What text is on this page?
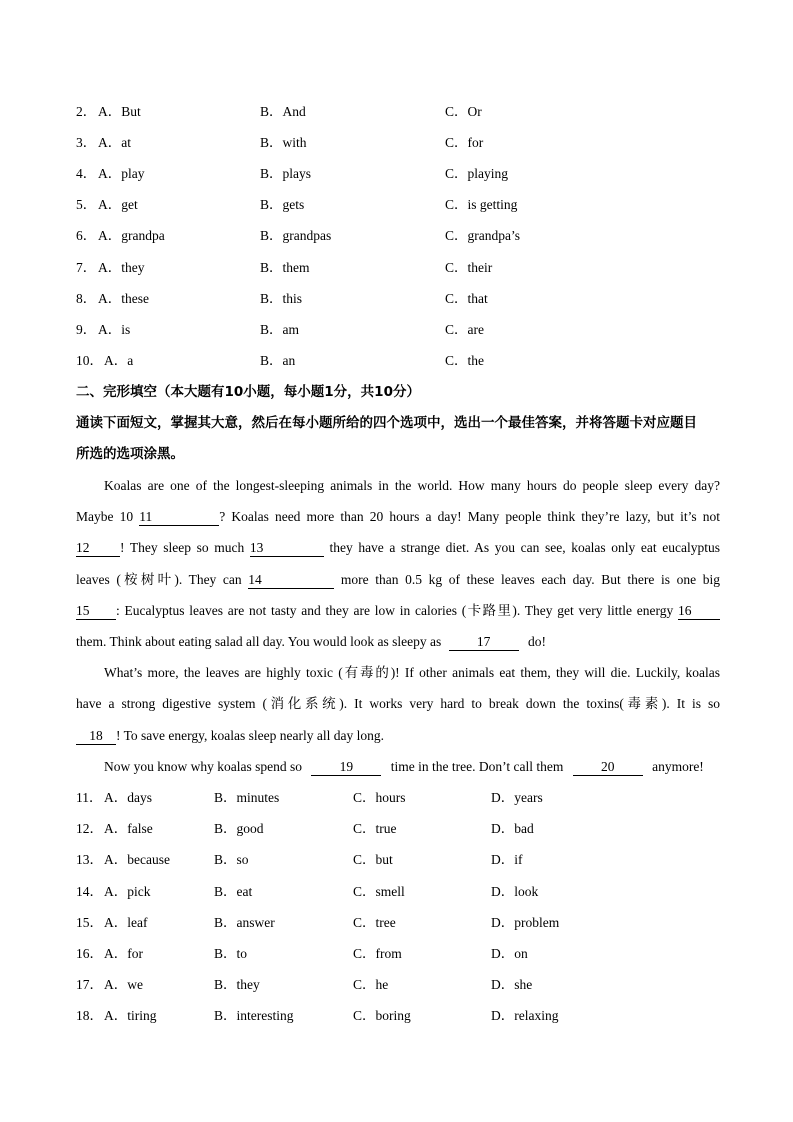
2． A．But	B．And	C．Or
3． A．at	B．with	C．for
4． A．play	B．plays	C．playing
5． A．get	B．gets	C．is getting
6． A．grandpa	B．grandpas	C．grandpa’s
7． A．they	B．them	C．their
8． A．these	B．this	C．that
9． A．is	B．am	C．are
10． A．a	B．an	C．the
二、完形填空（本大题有10小题，每小题1分，共10分）
通读下面短文，掌握其大意，然后在每小题所给的四个选项中，选出一个最佳答案，并将答题卡对应题目
所选的选项涂黑。
Koalas are one of the longest-sleeping animals in the world. How many hours do people sleep every day?
Maybe 10 11	? Koalas need more than 20 hours a day! Many people think they’re lazy, but it’s not
12 ! They sleep so much 13	they have a strange diet. As you can see, koalas only eat eucalyptus
leaves (桉树叶). They can 14	more than 0.5 kg of these leaves each day. But there is one big
15 : Eucalyptus leaves are not tasty and they are low in calories (卡路里). They get very little energy 16
them. Think about eating salad all day. You would look as sleepy as	17	do!
What’s more, the leaves are highly toxic (有毒的)! If other animals eat them, they will die. Luckily, koalas
have a strong digestive system (消化系统). It works very hard to break down the toxins(毒素). It is so
18 ! To save energy, koalas sleep nearly all day long.
Now you know why koalas spend so	19	time in the tree. Don’t call them	20	anymore!
11． A．days	B．minutes	C．hours	D．years
12． A．false	B．good	C．true	D．bad
13． A．because	B．so	C．but	D．if
14． A．pick	B．eat	C．smell	D．look
15． A．leaf	B．answer	C．tree	D．problem
16． A．for	B．to	C．from	D．on
17． A．we	B．they	C．he	D．she
18． A．tiring	B．interesting	C．boring	D．relaxing
